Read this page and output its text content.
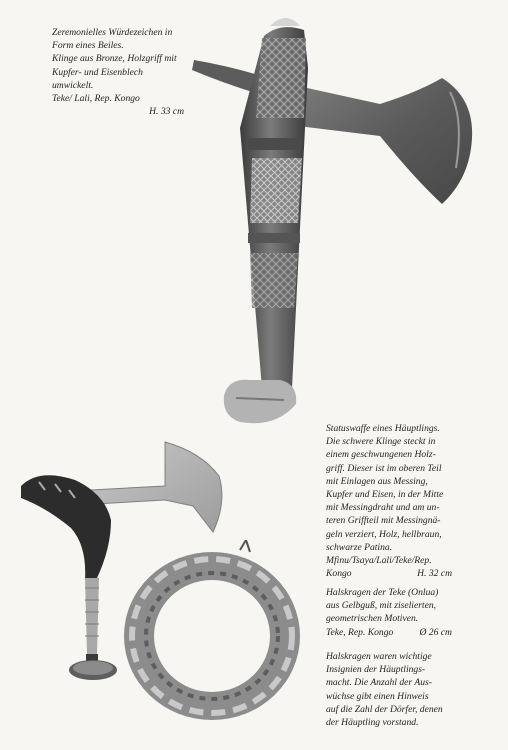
Zeremonielles Würdezeichen in
Form eines Beiles.
Klinge aus Bronze, Holzgriff mit
Kupfer- und Eisenblech
umwickelt.
Teke/ Lali, Rep. Kongo
H. 33 cm
Statuswaffe eines Häuptlings.
Die schwere Klinge steckt in
einem geschwungenen Holz-
griff. Dieser ist im oberen Teil
mit Einlagen aus Messing,
Kupfer und Eisen, in der Mitte
mit Messingdraht und am un-
teren Griffteil mit Messingnä-
geln verziert, Holz, hellbraun,
schwarze Patina.
Mfinu/Tsaya/Lali/Teke/Rep.
Kongo	H. 32 cm
Halskragen der Teke (Onlua)
aus Gelbguß, mit ziselierten,
geometrischen Motiven.
Teke, Rep. Kongo	Ø 26 cm
Halskragen waren wichtige
Insignien der Häuptlings-
macht. Die Anzahl der Aus-
wüchse gibt einen Hinweis
auf die Zahl der Dörfer, denen
der Häuptling vorstand.
